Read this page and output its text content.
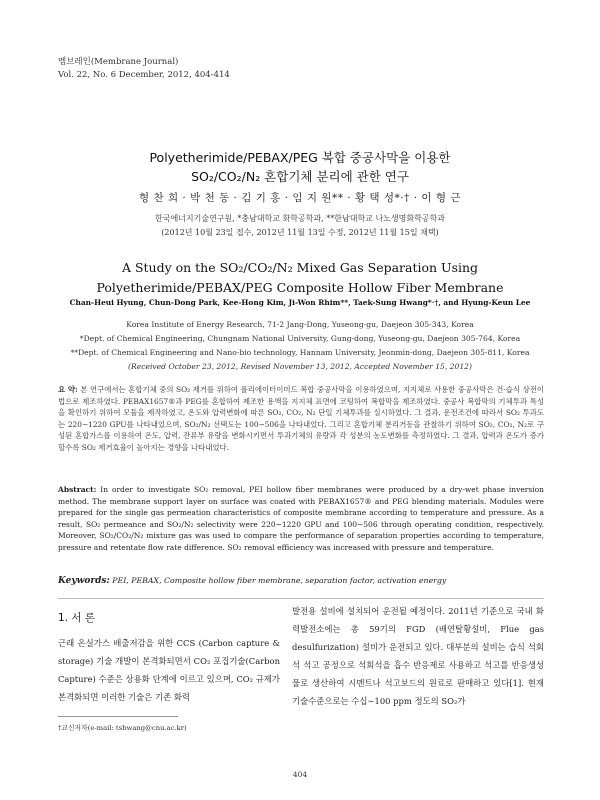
멤브레인(Membrane Journal)
Vol. 22, No. 6 December, 2012, 404-414
Polyetherimide/PEBAX/PEG 복합 중공사막을 이용한
SO₂/CO₂/N₂ 혼합기체 분리에 관한 연구
형 찬 희 · 박 천 동 · 김 기 홍 · 임 지 원** · 황 택 성*·† · 이 형 근
한국에너지기술연구원, *충남대학교 화학공학과, **한남대학교 나노생명화학공학과
(2012년 10월 23일 접수, 2012년 11월 13일 수정, 2012년 11월 15일 채택)
A Study on the SO₂/CO₂/N₂ Mixed Gas Separation Using
Polyetherimide/PEBAX/PEG Composite Hollow Fiber Membrane
Chan-Heui Hyung, Chun-Dong Park, Kee-Hong Kim, Ji-Won Rhim**, Taek-Sung Hwang*·†, and Hyung-Keun Lee
Korea Institute of Energy Research, 71-2 Jang-Dong, Yuseong-gu, Daejeon 305-343, Korea
*Dept. of Chemical Engineering, Chungnam National University, Gung-dong, Yuseong-gu, Daejeon 305-764, Korea
**Dept. of Chemical Engineering and Nano-bio technology, Hannam University, Jeonmin-dong, Daejeon 305-811, Korea
(Received October 23, 2012, Revised November 13, 2012, Accepted November 15, 2012)
요 약: 본 연구에서는 혼합기체 중의 SO₂ 제거를 위하여 폴리에이터이미드 복합 중공사막을 이용하였으며, 지지체로 사용한 중공사막은 건-습식 상전이 법으로 제조하였다. PEBAX1657®과 PEG를 혼합하여 제조한 용액을 지지체 표면에 코팅하여 복합막을 제조하였다. 중공사 복합막의 기체투과 특성을 확인하기 위하여 모듈을 제작하였고, 온도와 압력변화에 따른 SO₂, CO₂, N₂ 단일 기체투과를 실시하였다. 그 결과, 운전조건에 따라서 SO₂ 투과도는 220∼1220 GPU를 나타내었으며, SO₂/N₂ 선택도는 100∼506을 나타내었다. 그리고 혼합기체 분리거동을 관찰하기 위하여 SO₂, CO₂, N₂로 구성된 혼합가스를 이용하여 온도, 압력, 잔류부 유량을 변화시키면서 투과기체의 유량과 각 성분의 농도변화를 측정하였다. 그 결과, 압력과 온도가 증가할수록 SO₂ 제거효율이 높아지는 경향을 나타내었다.
Abstract: In order to investigate SO₂ removal, PEI hollow fiber membranes were produced by a dry-wet phase inversion method. The membrane support layer on surface was coated with PEBAX1657® and PEG blending materials. Modules were prepared for the single gas permeation characteristics of composite membrane according to temperature and pressure. As a result, SO₂ permeance and SO₂/N₂ selectivity were 220∼1220 GPU and 100∼506 through operating condition, respectively. Moreover, SO₂/CO₂/N₂ mixture gas was used to compare the performance of separation properties according to temperature, pressure and retentate flow rate difference. SO₂ removal efficiency was increased with pressure and temperature.
Keywords: PEI, PEBAX, Composite hollow fiber membrane, separation factor, activation energy
1. 서 론
근래 온실가스 배출저감을 위한 CCS (Carbon capture & storage) 기술 개발이 본격화되면서 CO₂ 포집기술(Carbon Capture) 수준은 상용화 단계에 이르고 있으며, CO₂ 규제가 본격화되면 이러한 기술은 기존 화력
발전용 설비에 설치되어 운전될 예정이다. 2011년 기준으로 국내 화력발전소에는 총 59기의 FGD (배연탈황설비, Flue gas desulfurization) 설비가 운전되고 있다. 대부분의 설비는 습식 석회석 석고 공정으로 석회석을 흡수 반응제로 사용하고 석고를 반응생성물로 생산하여 시멘트나 석고보드의 원료로 판매하고 있다[1]. 현재 기술수준으로는 수십∼100 ppm 정도의 SO₂가
†교신저자(e-mail: tshwang@cnu.ac.kr)
404
